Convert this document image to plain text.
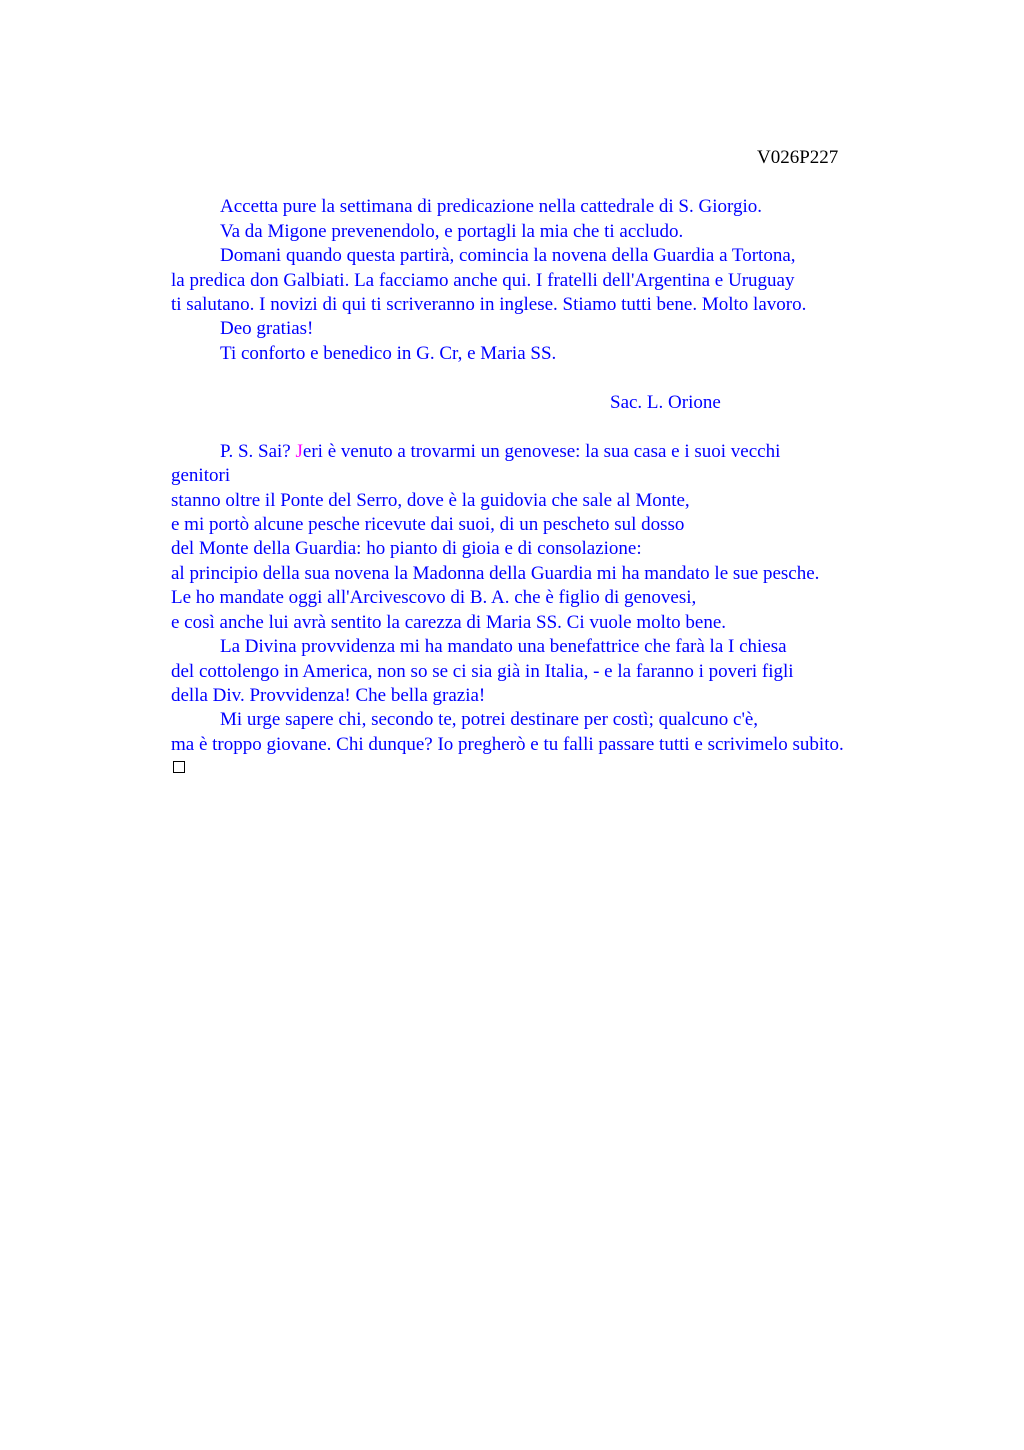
V026P227
Accetta pure la settimana di predicazione nella cattedrale di S. Giorgio.
Va da Migone prevenendolo, e portagli la mia che ti accludo.
Domani quando questa partirà, comincia la novena della Guardia a Tortona,
la predica don Galbiati. La facciamo anche qui. I fratelli dell'Argentina e Uruguay
ti salutano. I novizi di qui ti scriveranno in inglese. Stiamo tutti bene. Molto lavoro.
Deo gratias!
Ti conforto e benedico in G. Cr, e Maria SS.
Sac. L. Orione
P. S. Sai? Jeri è venuto a trovarmi un genovese: la sua casa e i suoi vecchi
genitori
stanno oltre il Ponte del Serro, dove è la guidovia che sale al Monte,
e mi portò alcune pesche ricevute dai suoi, di un pescheto sul dosso
del Monte della Guardia: ho pianto di gioia e di consolazione:
al principio della sua novena la Madonna della Guardia mi ha mandato le sue pesche.
Le ho mandate oggi all'Arcivescovo di B. A. che è figlio di genovesi,
e così anche lui avrà sentito la carezza di Maria SS. Ci vuole molto bene.
La Divina provvidenza mi ha mandato una benefattrice che farà la I chiesa
del cottolengo in America, non so se ci sia già in Italia, - e la faranno i poveri figli
della Div. Provvidenza! Che bella grazia!
Mi urge sapere chi, secondo te, potrei destinare per costì; qualcuno c'è,
ma è troppo giovane. Chi dunque? Io pregherò e tu falli passare tutti e scrivimelo subito.
